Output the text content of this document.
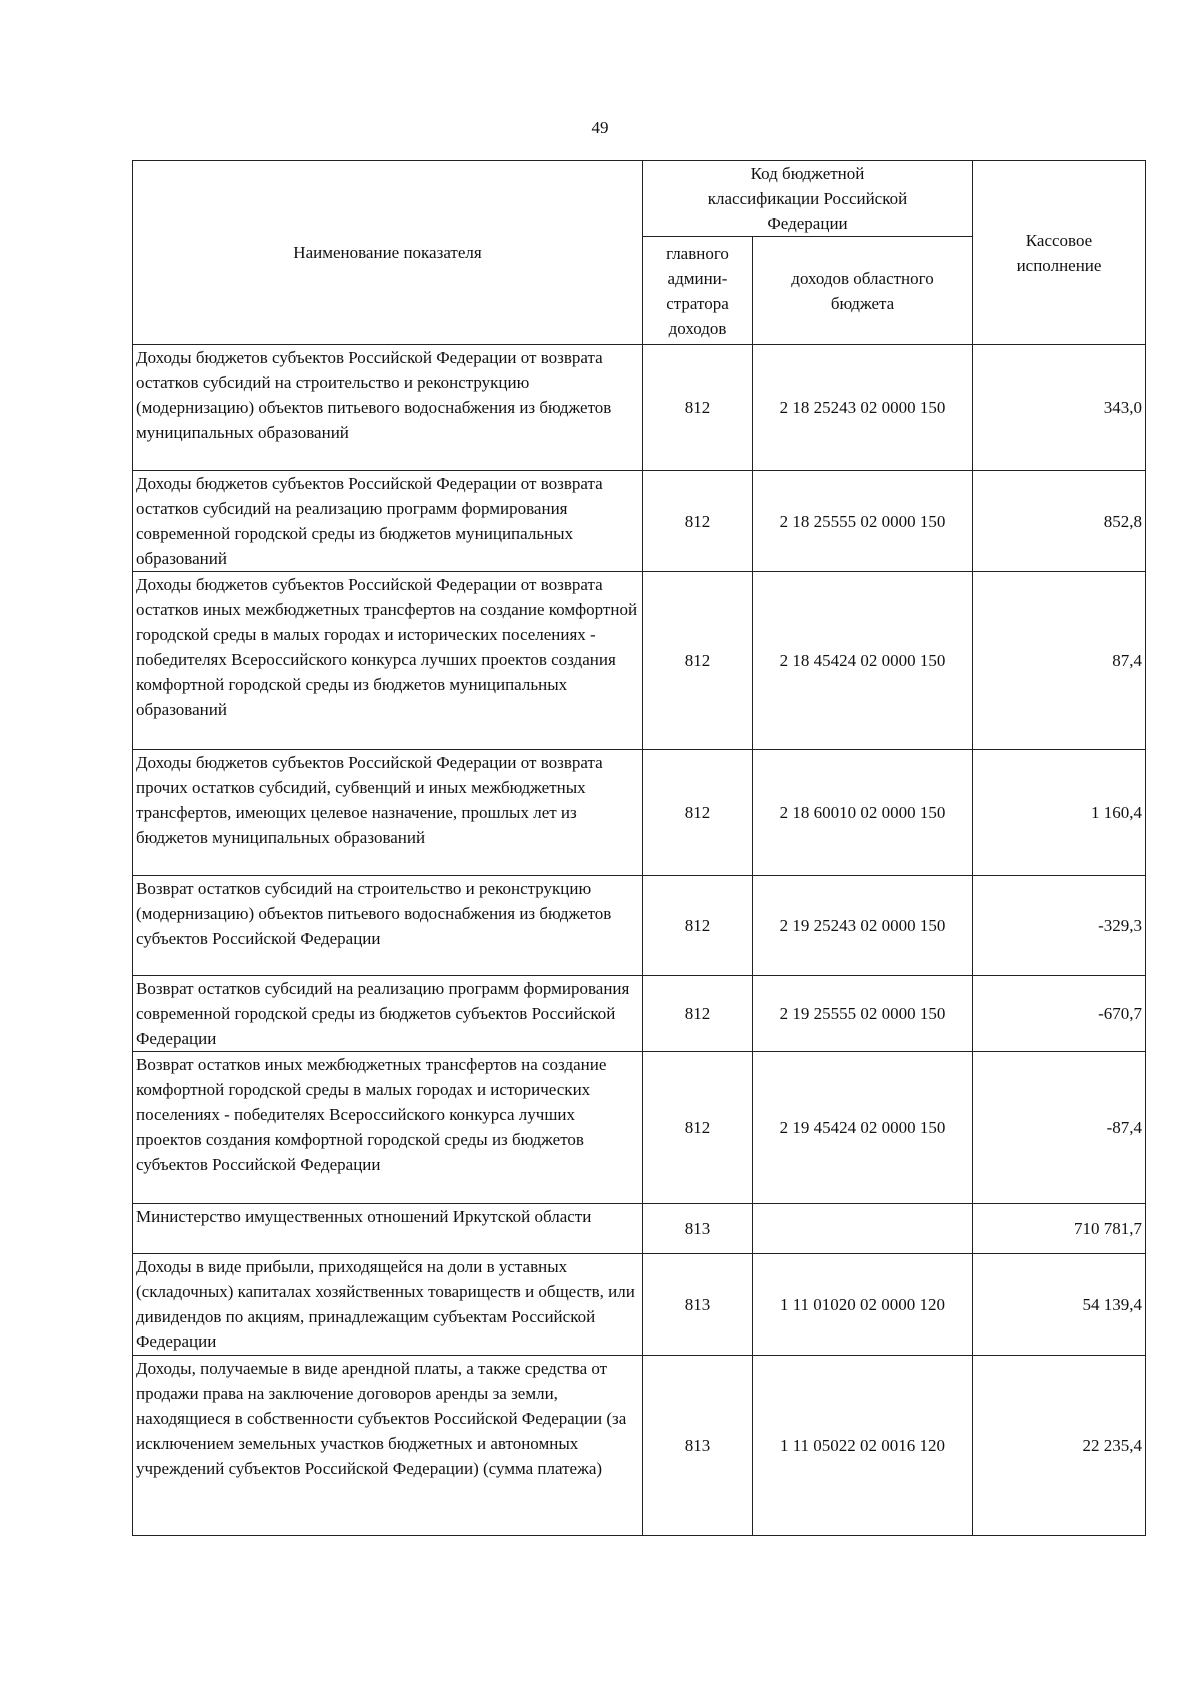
49
Наименование показателя	Код бюджетной классификации Российской Федерации		Кассовое исполнение
	главного админи-стратора доходов	доходов областного бюджета	
Доходы бюджетов субъектов Российской Федерации от возврата остатков субсидий на строительство и реконструкцию (модернизацию) объектов питьевого водоснабжения из бюджетов муниципальных образований	812	2 18 25243 02 0000 150	343,0
Доходы бюджетов субъектов Российской Федерации от возврата остатков субсидий на реализацию программ формирования современной городской среды из бюджетов муниципальных образований	812	2 18 25555 02 0000 150	852,8
Доходы бюджетов субъектов Российской Федерации от возврата остатков иных межбюджетных трансфертов на создание комфортной городской среды в малых городах и исторических поселениях - победителях Всероссийского конкурса лучших проектов создания комфортной городской среды из бюджетов муниципальных образований	812	2 18 45424 02 0000 150	87,4
Доходы бюджетов субъектов Российской Федерации от возврата прочих остатков субсидий, субвенций и иных межбюджетных трансфертов, имеющих целевое назначение, прошлых лет из бюджетов муниципальных образований	812	2 18 60010 02 0000 150	1 160,4
Возврат остатков субсидий на строительство и реконструкцию (модернизацию) объектов питьевого водоснабжения из бюджетов субъектов Российской Федерации	812	2 19 25243 02 0000 150	-329,3
Возврат остатков субсидий на реализацию программ формирования современной городской среды из бюджетов субъектов Российской Федерации	812	2 19 25555 02 0000 150	-670,7
Возврат остатков иных межбюджетных трансфертов на создание комфортной городской среды в малых городах и исторических поселениях - победителях Всероссийского конкурса лучших проектов создания комфортной городской среды из бюджетов субъектов Российской Федерации	812	2 19 45424 02 0000 150	-87,4
Министерство имущественных отношений Иркутской области	813		710 781,7
Доходы в виде прибыли, приходящейся на доли в уставных (складочных) капиталах хозяйственных товариществ и обществ, или дивидендов по акциям, принадлежащим субъектам Российской Федерации	813	1 11 01020 02 0000 120	54 139,4
Доходы, получаемые в виде арендной платы, а также средства от продажи права на заключение договоров аренды за земли, находящиеся в собственности субъектов Российской Федерации (за исключением земельных участков бюджетных и автономных учреждений субъектов Российской Федерации) (сумма платежа)	813	1 11 05022 02 0016 120	22 235,4
